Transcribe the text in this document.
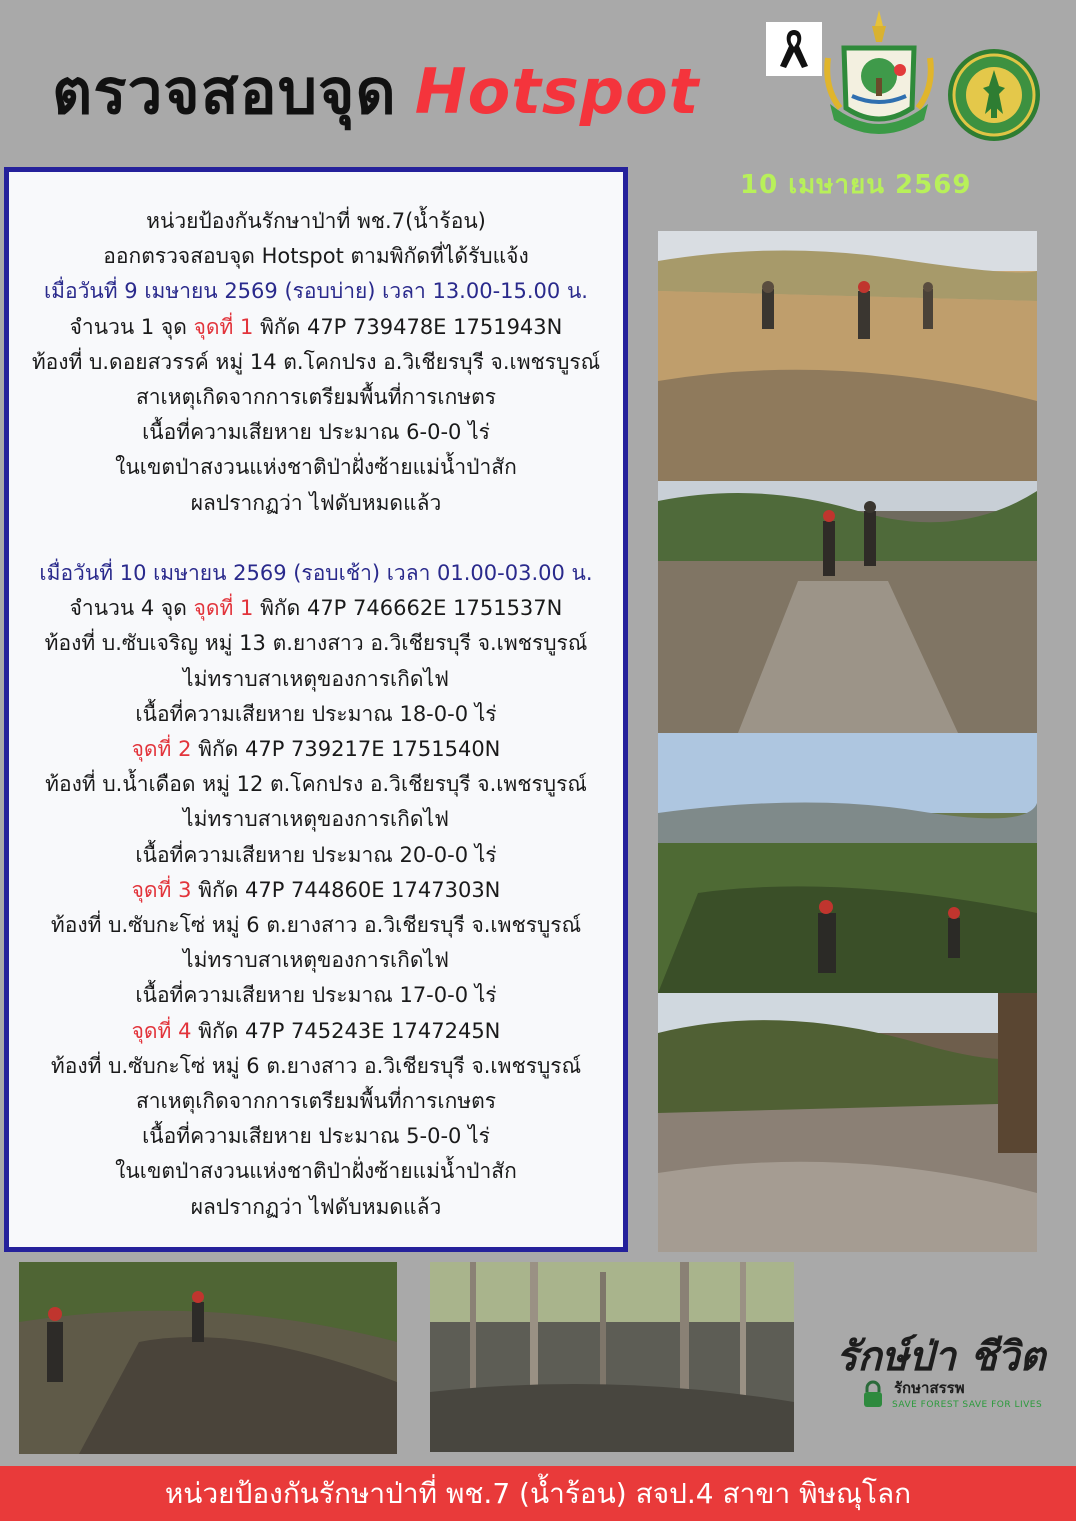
ตรวจสอบจุด Hotspot
10 เมษายน 2569

หน่วยป้องกันรักษาป่าที่ พช.7(น้ำร้อน)

ออกตรวจสอบจุด Hotspot ตามพิกัดที่ได้รับแจ้ง

เมื่อวันที่ 9 เมษายน 2569 (รอบบ่าย) เวลา 13.00-15.00 น.

จำนวน 1 จุด จุดที่ 1 พิกัด 47P 739478E 1751943N

ท้องที่ บ.ดอยสวรรค์ หมู่ 14 ต.โคกปรง อ.วิเชียรบุรี จ.เพชรบูรณ์

สาเหตุเกิดจากการเตรียมพื้นที่การเกษตร

เนื้อที่ความเสียหาย ประมาณ 6-0-0 ไร่

ในเขตป่าสงวนแห่งชาติป่าฝั่งซ้ายแม่น้ำป่าสัก

ผลปรากฏว่า ไฟดับหมดแล้ว

เมื่อวันที่ 10 เมษายน 2569 (รอบเช้า) เวลา 01.00-03.00 น.

จำนวน 4 จุด จุดที่ 1 พิกัด 47P 746662E 1751537N

ท้องที่ บ.ซับเจริญ หมู่ 13 ต.ยางสาว อ.วิเชียรบุรี จ.เพชรบูรณ์

ไม่ทราบสาเหตุของการเกิดไฟ

เนื้อที่ความเสียหาย ประมาณ 18-0-0 ไร่

จุดที่ 2 พิกัด 47P 739217E 1751540N

ท้องที่ บ.น้ำเดือด หมู่ 12 ต.โคกปรง อ.วิเชียรบุรี จ.เพชรบูรณ์

ไม่ทราบสาเหตุของการเกิดไฟ

เนื้อที่ความเสียหาย ประมาณ 20-0-0 ไร่

จุดที่ 3 พิกัด 47P 744860E 1747303N

ท้องที่ บ.ซับกะโซ่ หมู่ 6 ต.ยางสาว อ.วิเชียรบุรี จ.เพชรบูรณ์

ไม่ทราบสาเหตุของการเกิดไฟ

เนื้อที่ความเสียหาย ประมาณ 17-0-0 ไร่

จุดที่ 4 พิกัด 47P 745243E 1747245N

ท้องที่ บ.ซับกะโซ่ หมู่ 6 ต.ยางสาว อ.วิเชียรบุรี จ.เพชรบูรณ์

สาเหตุเกิดจากการเตรียมพื้นที่การเกษตร

เนื้อที่ความเสียหาย ประมาณ 5-0-0 ไร่

ในเขตป่าสงวนแห่งชาติป่าฝั่งซ้ายแม่น้ำป่าสัก

ผลปรากฏว่า ไฟดับหมดแล้ว

รักษ์ป่า ชีวิต
รักษาสรรพ
SAVE FOREST SAVE FOR LIVES
หน่วยป้องกันรักษาป่าที่ พช.7 (น้ำร้อน) สจป.4 สาขา พิษณุโลก
